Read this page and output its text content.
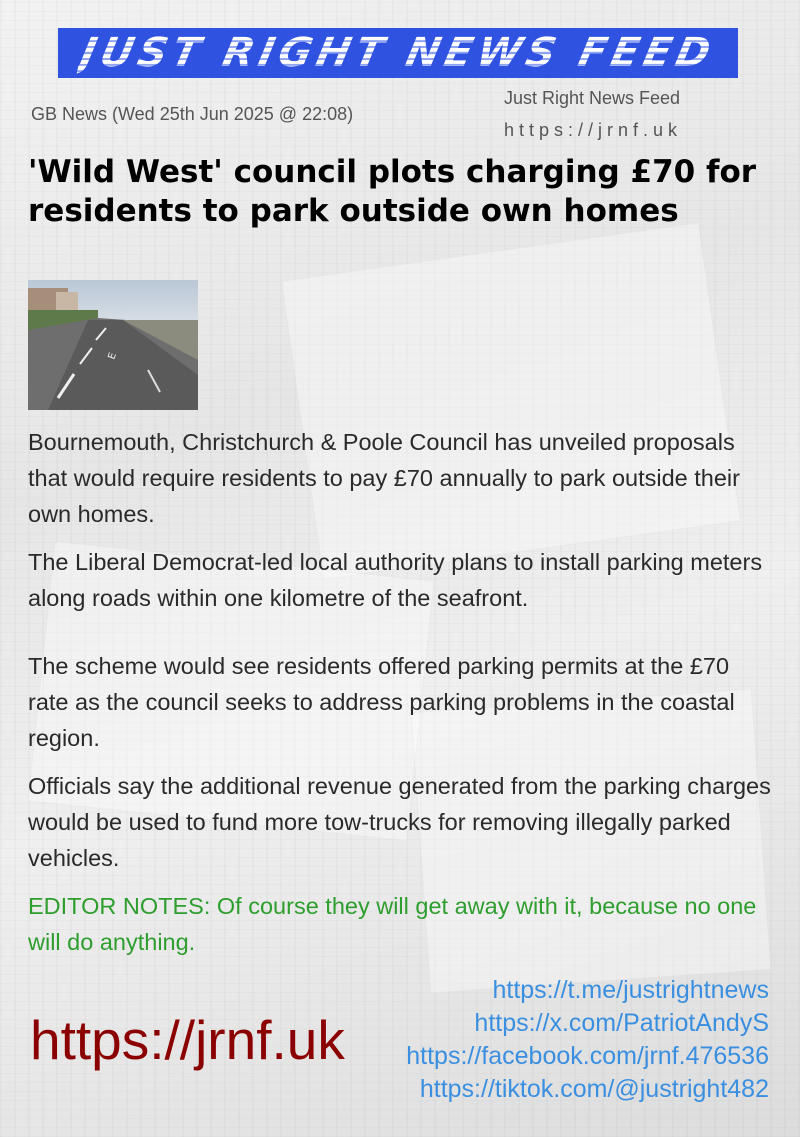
JUST RIGHT NEWS FEED
GB News (Wed 25th Jun 2025 @ 22:08)
Just Right News Feed
https://jrnf.uk
'Wild West' council plots charging £70 for residents to park outside own homes
E

Bournemouth, Christchurch & Poole Council has unveiled proposals that would require residents to pay £70 annually to park outside their own homes.

The Liberal Democrat-led local authority plans to install parking meters along roads within one kilometre of the seafront.

The scheme would see residents offered parking permits at the £70 rate as the council seeks to address parking problems in the coastal region.

Officials say the additional revenue generated from the parking charges would be used to fund more tow-trucks for removing illegally parked vehicles.

EDITOR NOTES: Of course they will get away with it, because no one will do anything.

https://jrnf.uk
https://t.me/justrightnews
https://x.com/PatriotAndyS
https://facebook.com/jrnf.476536
https://tiktok.com/@justright482
